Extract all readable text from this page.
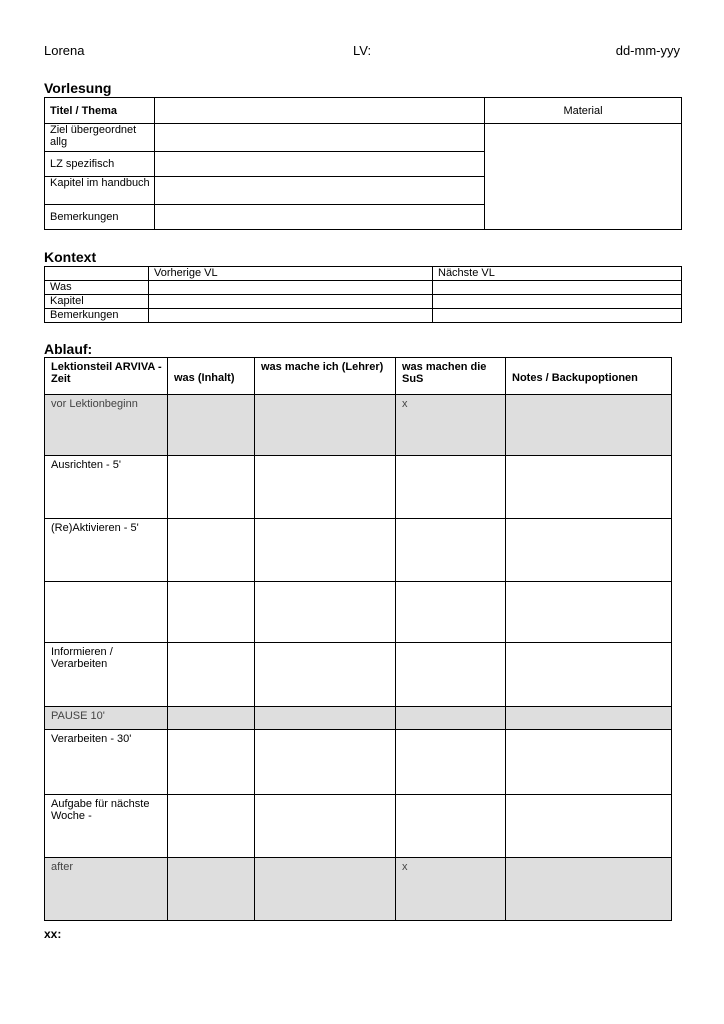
Lorena	LV:	dd-mm-yyy
Vorlesung
Titel / Thema		Material
Ziel übergeordnet allg		
LZ spezifisch		
Kapitel im handbuch		
Bemerkungen		
Kontext
	Vorherige VL	Nächste VL
Was		
Kapitel		
Bemerkungen		
Ablauf:
Lektionsteil ARVIVA - Zeit	was (Inhalt)	was mache ich (Lehrer)	was machen die SuS	Notes / Backupoptionen
vor Lektionbeginn			x	
Ausrichten - 5'				
(Re)Aktivieren - 5'				

Informieren / Verarbeiten				
PAUSE 10'				
Verarbeiten - 30'				
Aufgabe für nächste Woche -				
after			x	
xx:
